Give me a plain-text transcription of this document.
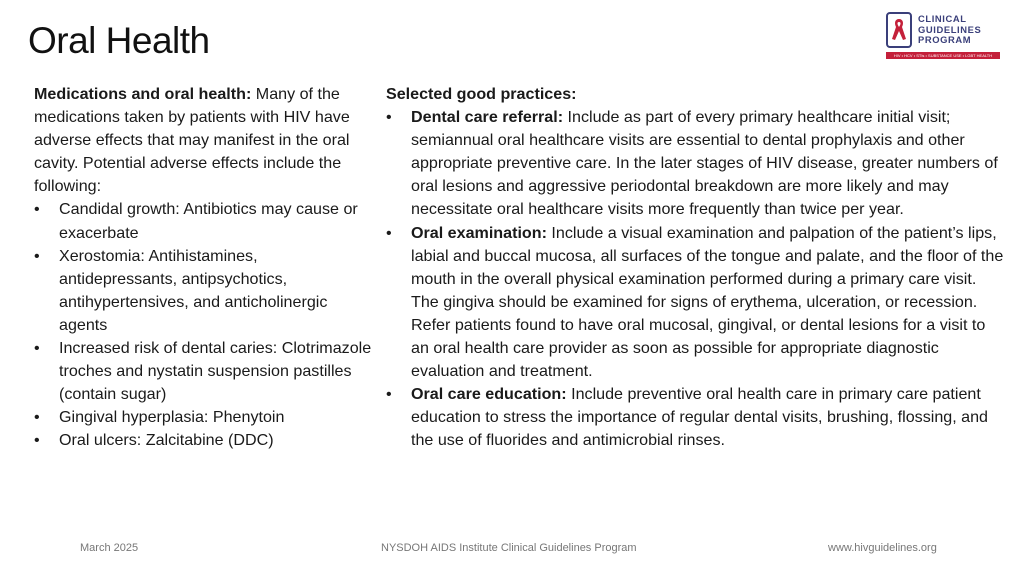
Oral Health
CLINICAL
GUIDELINES
PROGRAM
HIV • HCV • STIs • SUBSTANCE USE • LGBT HEALTH

Medications and oral health: Many of the medications taken by patients with HIV have adverse effects that may manifest in the oral cavity. Potential adverse effects include the following:

• Candidal growth: Antibiotics may cause or exacerbate
• Xerostomia: Antihistamines, antidepressants, antipsychotics, antihypertensives, and anticholinergic agents
• Increased risk of dental caries: Clotrimazole troches and nystatin suspension pastilles (contain sugar)
• Gingival hyperplasia: Phenytoin
• Oral ulcers: Zalcitabine (DDC)

Selected good practices:

• Dental care referral: Include as part of every primary healthcare initial visit; semiannual oral healthcare visits are essential to dental prophylaxis and other appropriate preventive care. In the later stages of HIV disease, greater numbers of oral lesions and aggressive periodontal breakdown are more likely and may necessitate oral healthcare visits more frequently than twice per year.
• Oral examination: Include a visual examination and palpation of the patient’s lips, labial and buccal mucosa, all surfaces of the tongue and palate, and the floor of the mouth in the overall physical examination performed during a primary care visit. The gingiva should be examined for signs of erythema, ulceration, or recession. Refer patients found to have oral mucosal, gingival, or dental lesions for a visit to an oral health care provider as soon as possible for appropriate diagnostic evaluation and treatment.
• Oral care education: Include preventive oral health care in primary care patient education to stress the importance of regular dental visits, brushing, flossing, and the use of fluorides and antimicrobial rinses.
March 2025	NYSDOH AIDS Institute Clinical Guidelines Program	www.hivguidelines.org
